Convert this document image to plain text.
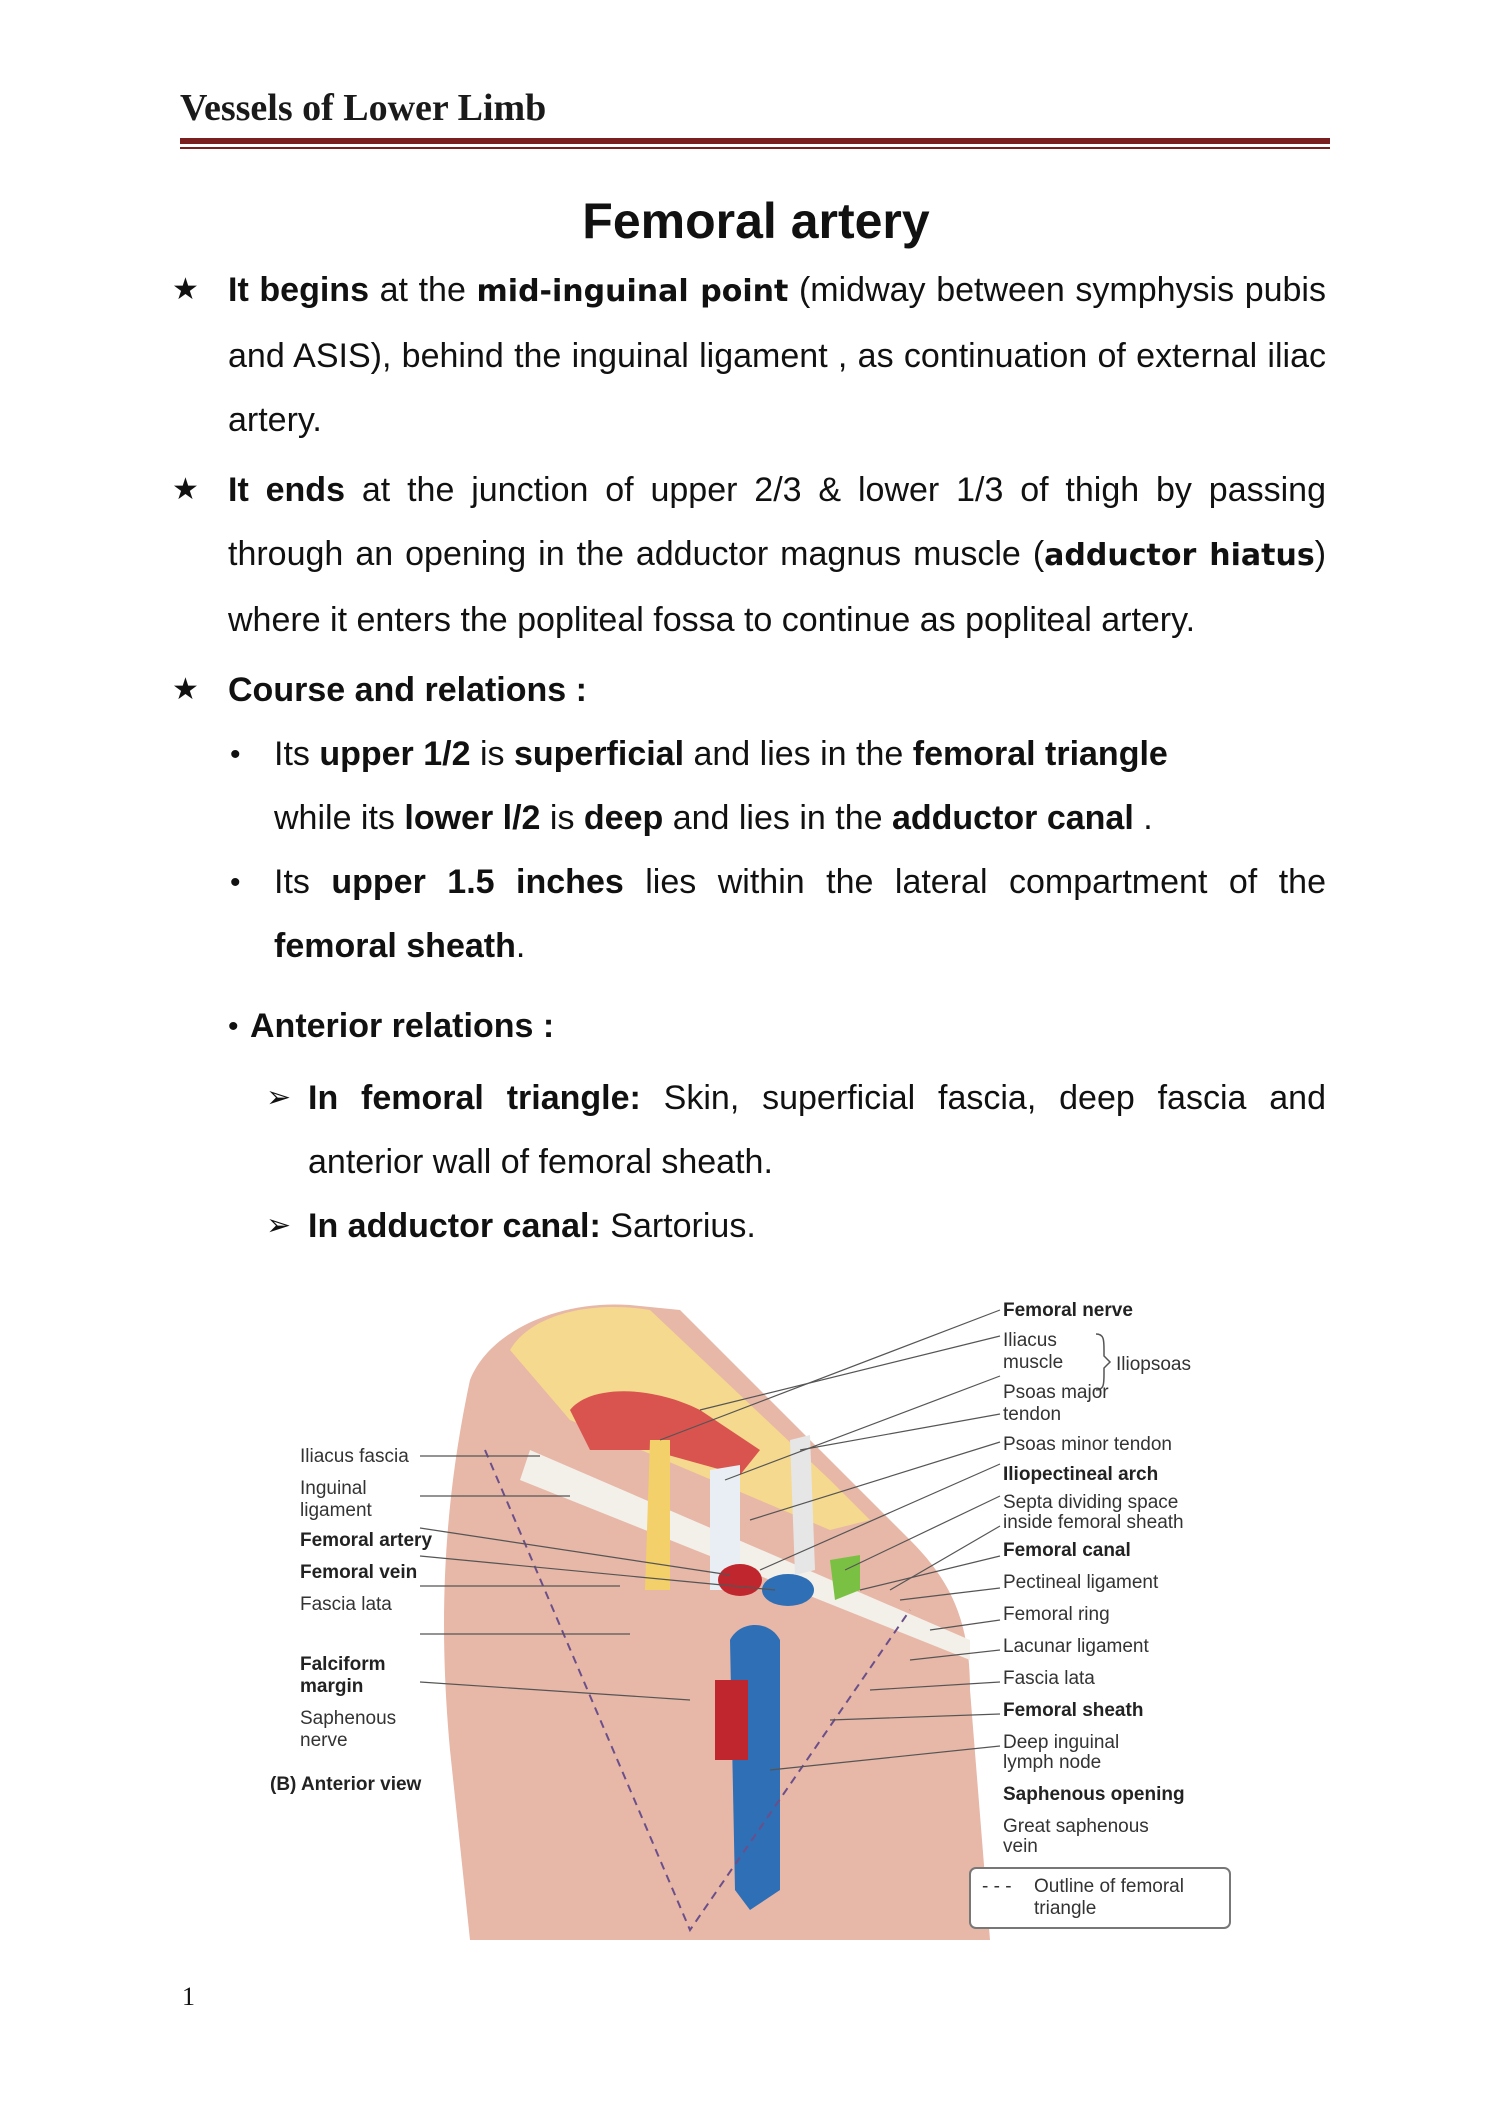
Vessels of Lower Limb
Femoral artery
★ It begins at the mid-inguinal point (midway between symphysis pubis and ASIS), behind the inguinal ligament , as continuation of external iliac artery.
★ It ends at the junction of upper 2/3 & lower 1/3 of thigh by passing through an opening in the adductor magnus muscle (adductor hiatus) where it enters the popliteal fossa to continue as popliteal artery.
★ Course and relations :
• Its upper 1/2 is superficial and lies in the femoral triangle
while its lower l/2 is deep and lies in the adductor canal .
• Its upper 1.5 inches lies within the lateral compartment of the femoral sheath.
• Anterior relations :
➢ In femoral triangle: Skin, superficial fascia, deep fascia and anterior wall of femoral sheath.
➢ In adductor canal: Sartorius.
Iliacus fascia
Inguinal
ligament
Femoral artery
Femoral vein
Fascia lata
Falciform
margin
Saphenous
nerve
(B) Anterior view
Femoral nerve
Iliacus
muscle
Psoas major
tendon
Iliopsoas
Psoas minor tendon
Iliopectineal arch
Septa dividing space
inside femoral sheath
Femoral canal
Pectineal ligament
Femoral ring
Lacunar ligament
Fascia lata
Femoral sheath
Deep inguinal
lymph node
Saphenous opening
Great saphenous
vein
- - - Outline of femoral
triangle
1
